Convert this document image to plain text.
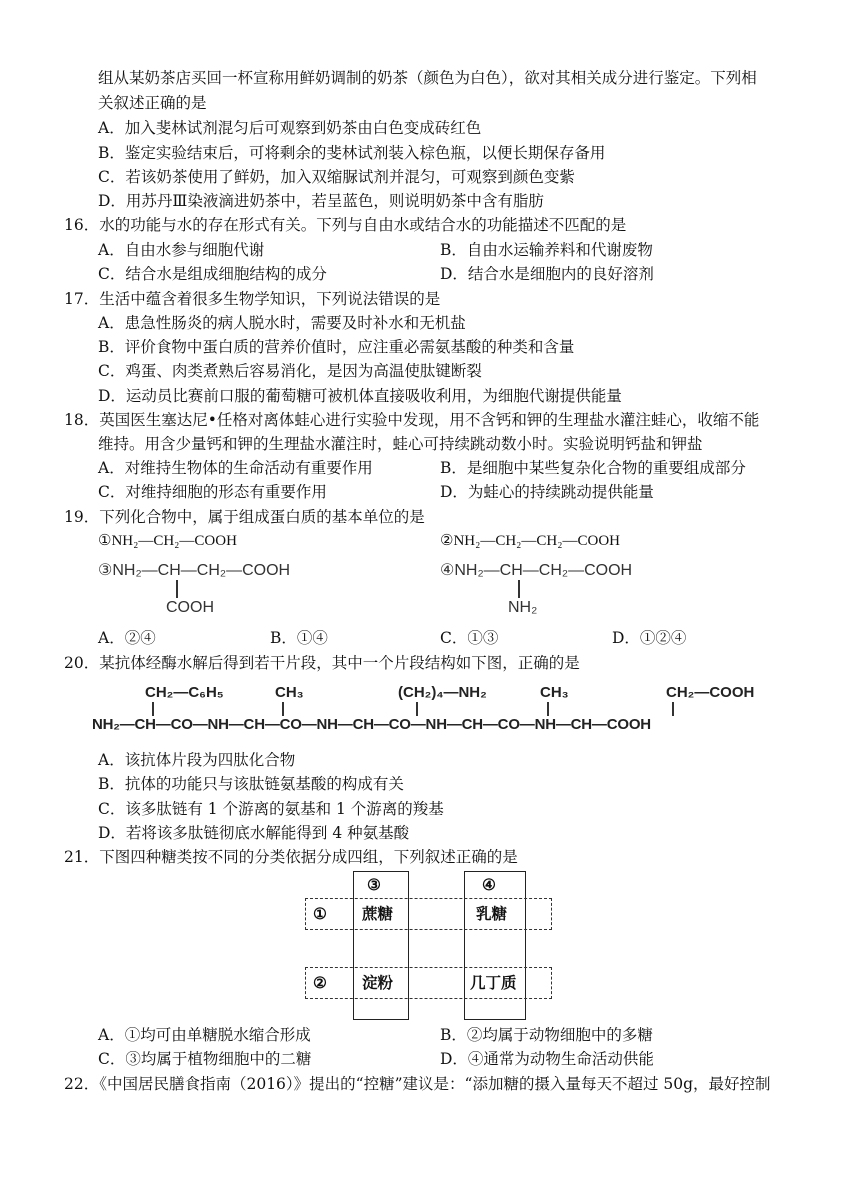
组从某奶茶店买回一杯宣称用鲜奶调制的奶茶（颜色为白色），欲对其相关成分进行鉴定。下列相
关叙述正确的是
A．加入斐林试剂混匀后可观察到奶茶由白色变成砖红色
B．鉴定实验结束后，可将剩余的斐林试剂装入棕色瓶，以便长期保存备用
C．若该奶茶使用了鲜奶，加入双缩脲试剂并混匀，可观察到颜色变紫
D．用苏丹Ⅲ染液滴进奶茶中，若呈蓝色，则说明奶茶中含有脂肪
16．水的功能与水的存在形式有关。下列与自由水或结合水的功能描述不匹配的是
A．自由水参与细胞代谢	B．自由水运输养料和代谢废物
C．结合水是组成细胞结构的成分	D．结合水是细胞内的良好溶剂
17．生活中蕴含着很多生物学知识，下列说法错误的是
A．患急性肠炎的病人脱水时，需要及时补水和无机盐
B．评价食物中蛋白质的营养价值时，应注重必需氨基酸的种类和含量
C．鸡蛋、肉类煮熟后容易消化，是因为高温使肽键断裂
D．运动员比赛前口服的葡萄糖可被机体直接吸收利用，为细胞代谢提供能量
18．英国医生塞达尼•任格对离体蛙心进行实验中发现，用不含钙和钾的生理盐水灌注蛙心，收缩不能
维持。用含少量钙和钾的生理盐水灌注时，蛙心可持续跳动数小时。实验说明钙盐和钾盐
A．对维持生物体的生命活动有重要作用	B．是细胞中某些复杂化合物的重要组成部分
C．对维持细胞的形态有重要作用	D．为蛙心的持续跳动提供能量
19．下列化合物中，属于组成蛋白质的基本单位的是
①NH₂—CH₂—COOH	②NH₂—CH₂—CH₂—COOH
③NH₂—CH—CH₂—COOH
COOH
④NH₂—CH—CH₂—COOH
NH₂
A．②④	B．①④	C．①③	D．①②④
20．某抗体经酶水解后得到若干片段，其中一个片段结构如下图，正确的是
CH₂—C₆H₅	CH₃	(CH₂)₄—NH₂	CH₃	CH₂—COOH
NH₂—CH—CO—NH—CH—CO—NH—CH—CO—NH—CH—CO—NH—CH—COOH
A．该抗体片段为四肽化合物
B．抗体的功能只与该肽链氨基酸的构成有关
C．该多肽链有 1 个游离的氨基和 1 个游离的羧基
D．若将该多肽链彻底水解能得到 4 种氨基酸
21．下图四种糖类按不同的分类依据分成四组，下列叙述正确的是
③	④
①
②
蔗糖	乳糖
淀粉	几丁质
A．①均可由单糖脱水缩合形成	B．②均属于动物细胞中的多糖
C．③均属于植物细胞中的二糖	D．④通常为动物生命活动供能
22．《中国居民膳食指南（2016）》提出的“控糖”建议是：“添加糖的摄入量每天不超过 50g，最好控制
